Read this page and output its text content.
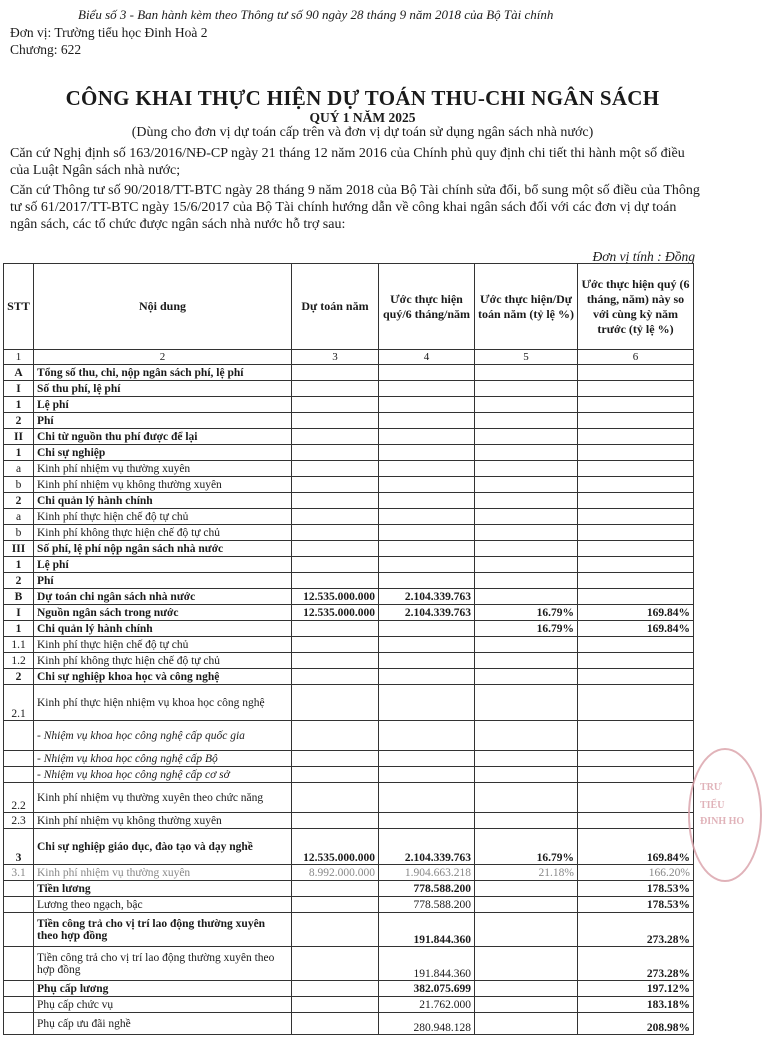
Biểu số 3 - Ban hành kèm theo Thông tư số 90 ngày 28 tháng 9 năm 2018 của Bộ Tài chính
Đơn vị: Trường tiểu học Đinh Hoà 2
Chương: 622
CÔNG KHAI THỰC HIỆN DỰ TOÁN THU-CHI NGÂN SÁCH
QUÝ 1 NĂM 2025
(Dùng cho đơn vị dự toán cấp trên và đơn vị dự toán sử dụng ngân sách nhà nước)
Căn cứ Nghị định số 163/2016/NĐ-CP ngày 21 tháng 12 năm 2016 của Chính phủ quy định chi tiết thi hành một số điều của Luật Ngân sách nhà nước;
Căn cứ Thông tư số 90/2018/TT-BTC ngày 28 tháng 9 năm 2018 của Bộ Tài chính sửa đổi, bổ sung một số điều của Thông tư số 61/2017/TT-BTC ngày 15/6/2017 của Bộ Tài chính hướng dẫn về công khai ngân sách đối với các đơn vị dự toán ngân sách, các tổ chức được ngân sách nhà nước hỗ trợ sau:
Đơn vị tính : Đồng
STT	Nội dung	Dự toán năm	Ước thực hiện quý/6 tháng/năm	Ước thực hiện/Dự toán năm (tỷ lệ %)	Ước thực hiện quý (6 tháng, năm) này so với cùng kỳ năm trước (tỷ lệ %)
1	2	3	4	5	6
A	Tổng số thu, chi, nộp ngân sách phí, lệ phí				
I	Số thu phí, lệ phí				
1	Lệ phí				
2	Phí				
II	Chi từ nguồn thu phí được để lại				
1	Chi sự nghiệp				
a	Kinh phí nhiệm vụ thường xuyên				
b	Kinh phí nhiệm vụ không thường xuyên				
2	Chi quản lý hành chính				
a	Kinh phí thực hiện chế độ tự chủ				
b	Kinh phí không thực hiện chế độ tự chủ				
III	Số phí, lệ phí nộp ngân sách nhà nước				
1	Lệ phí				
2	Phí				
B	Dự toán chi ngân sách nhà nước	12.535.000.000	2.104.339.763		
I	Nguồn ngân sách trong nước	12.535.000.000	2.104.339.763	16.79%	169.84%
1	Chi quản lý hành chính			16.79%	169.84%
1.1	Kinh phí thực hiện chế độ tự chủ				
1.2	Kinh phí không thực hiện chế độ tự chủ				
2	Chi sự nghiệp khoa học và công nghệ				
2.1	Kinh phí thực hiện nhiệm vụ khoa học công nghệ				
	- Nhiệm vụ khoa học công nghệ cấp quốc gia				
	- Nhiệm vụ khoa học công nghệ cấp Bộ				
	- Nhiệm vụ khoa học công nghệ cấp cơ sở				
2.2	Kinh phí nhiệm vụ thường xuyên theo chức năng				
2.3	Kinh phí nhiệm vụ không thường xuyên				
3	Chi sự nghiệp giáo dục, đào tạo và dạy nghề	12.535.000.000	2.104.339.763	16.79%	169.84%
3.1	Kinh phí nhiệm vụ thường xuyên	8.992.000.000	1.904.663.218	21.18%	166.20%
	Tiền lương		778.588.200		178.53%
	Lương theo ngạch, bậc		778.588.200		178.53%
	Tiền công trả cho vị trí lao động thường xuyên theo hợp đồng		191.844.360		273.28%
	Tiền công trả cho vị trí lao động thường xuyên theo hợp đồng		191.844.360		273.28%
	Phụ cấp lương		382.075.699		197.12%
	Phụ cấp chức vụ		21.762.000		183.18%
	Phụ cấp ưu đãi nghề		280.948.128		208.98%
TRƯ
TIỂU
ĐINH HO
